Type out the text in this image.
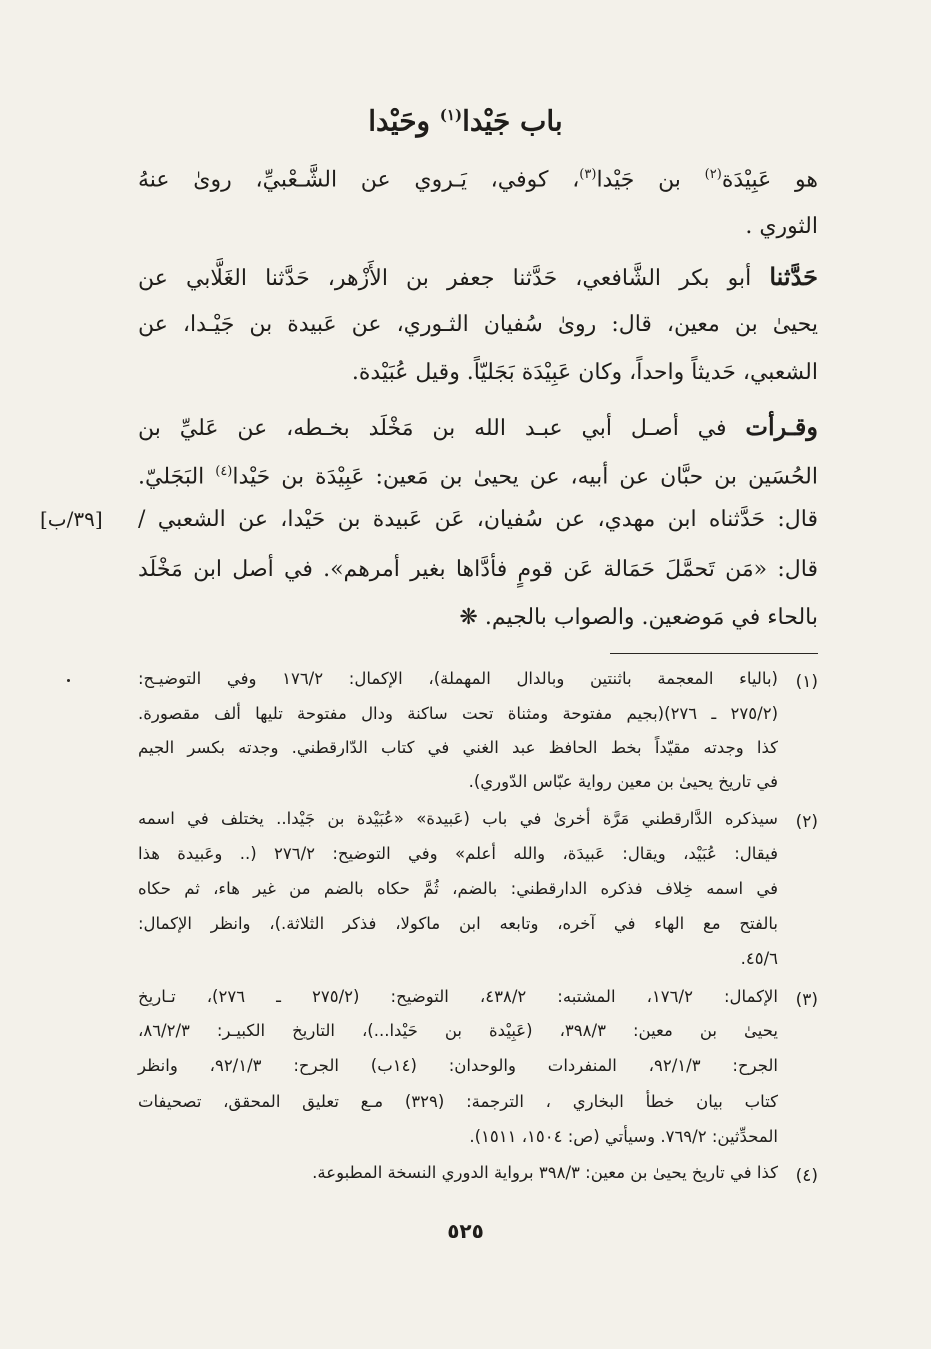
باب جَيْدا$^{(١)}$ وحَيْدا
هو عَبِيْدَة$^{(٢)}$ بن جَيْدا$^{(٣)}$، كوفي، يَـروي عن الشَّـعْبيِّ، روىٰ عنهُ
الثوري .
حَدَّثنا أبو بكر الشَّافعي، حَدَّثنا جعفر بن الأَزْهر، حَدَّثنا الغَلَّابي عن
يحيىٰ بن معين، قال: روىٰ سُفيان الثـوري، عن عَبيدة بن جَيْـدا، عن
الشعبي، حَديثاً واحداً، وكان عَبِيْدَة بَجَليّاً. وقيل عُبَيْدة.
وقـرأت في أصـل أبي عبـد الله بن مَخْلَد بخـطه، عن عَليِّ بن
الحُسَين بن حبَّان عن أبيه، عن يحيىٰ بن مَعين: عَبِيْدَة بن حَيْدا$^{(٤)}$ البَجَليّ.
قال: حَدَّثناه ابن مهدي، عن سُفيان، عَن عَبيدة بن حَيْدا، عن الشعبي /
قال: «مَن تَحمَّلَ حَمَالة عَن قومٍ فأدَّاها بغير أمرهم». في أصل ابن مَخْلَد
بالحاء في مَوضعين. والصواب بالجيم. ❋
[٣٩/ب]
(١)
(بالياء المعجمة باثنتين وبالدال المهملة)، الإكمال: ١٧٦/٢ وفي التوضيـح:
(٢٧٥/٢ ـ ٢٧٦)(بجيم مفتوحة ومثناة تحت ساكنة ودال مفتوحة تليها ألف مقصورة.
كذا وجدته مقيّداً بخط الحافظ عبد الغني في كتاب الدّارقطني. وجدته بكسر الجيم
في تاريخ يحيىٰ بن معين رواية عبّاس الدّوري).
(٢)
سيذكره الدَّارقطني مَرَّة أخرىٰ في باب (عَبيدة» «عُبَيْدة بن جَيْدا.. يختلف في اسمه
فيقال: عُبَيْد، ويقال: عَبيدَة، والله أعلم» وفي التوضيح: ٢٧٦/٢ (.. وعَبيدة هذا
في اسمه خِلاف فذكره الدارقطني: بالضم، ثُمَّ حكاه بالضم من غير هاء، ثم حكاه
بالفتح مع الهاء في آخره، وتابعه ابن ماكولا، فذكر الثلاثة.)، وانظر الإكمال:
٤٥/٦.
(٣)
الإكمال: ١٧٦/٢، المشتبه: ٤٣٨/٢، التوضيح: (٢٧٥/٢ ـ ٢٧٦)، تـاريخ
يحيىٰ بن معين: ٣٩٨/٣، (عَبِيْدة بن حَيْدا...)، التاريخ الكبيـر: ٨٦/٢/٣،
الجرح: ٩٢/١/٣، المنفردات والوحدان: (١٤ب) الجرح: ٩٢/١/٣، وانظر
كتاب بيان خطأ البخاري ، الترجمة: (٣٢٩) مـع تعليق المحقق، تصحيفات
المحدِّثين: ٧٦٩/٢. وسيأتي (ص: ١٥٠٤، ١٥١١).
(٤)
كذا في تاريخ يحيىٰ بن معين: ٣٩٨/٣ برواية الدوري النسخة المطبوعة.
٥٢٥
